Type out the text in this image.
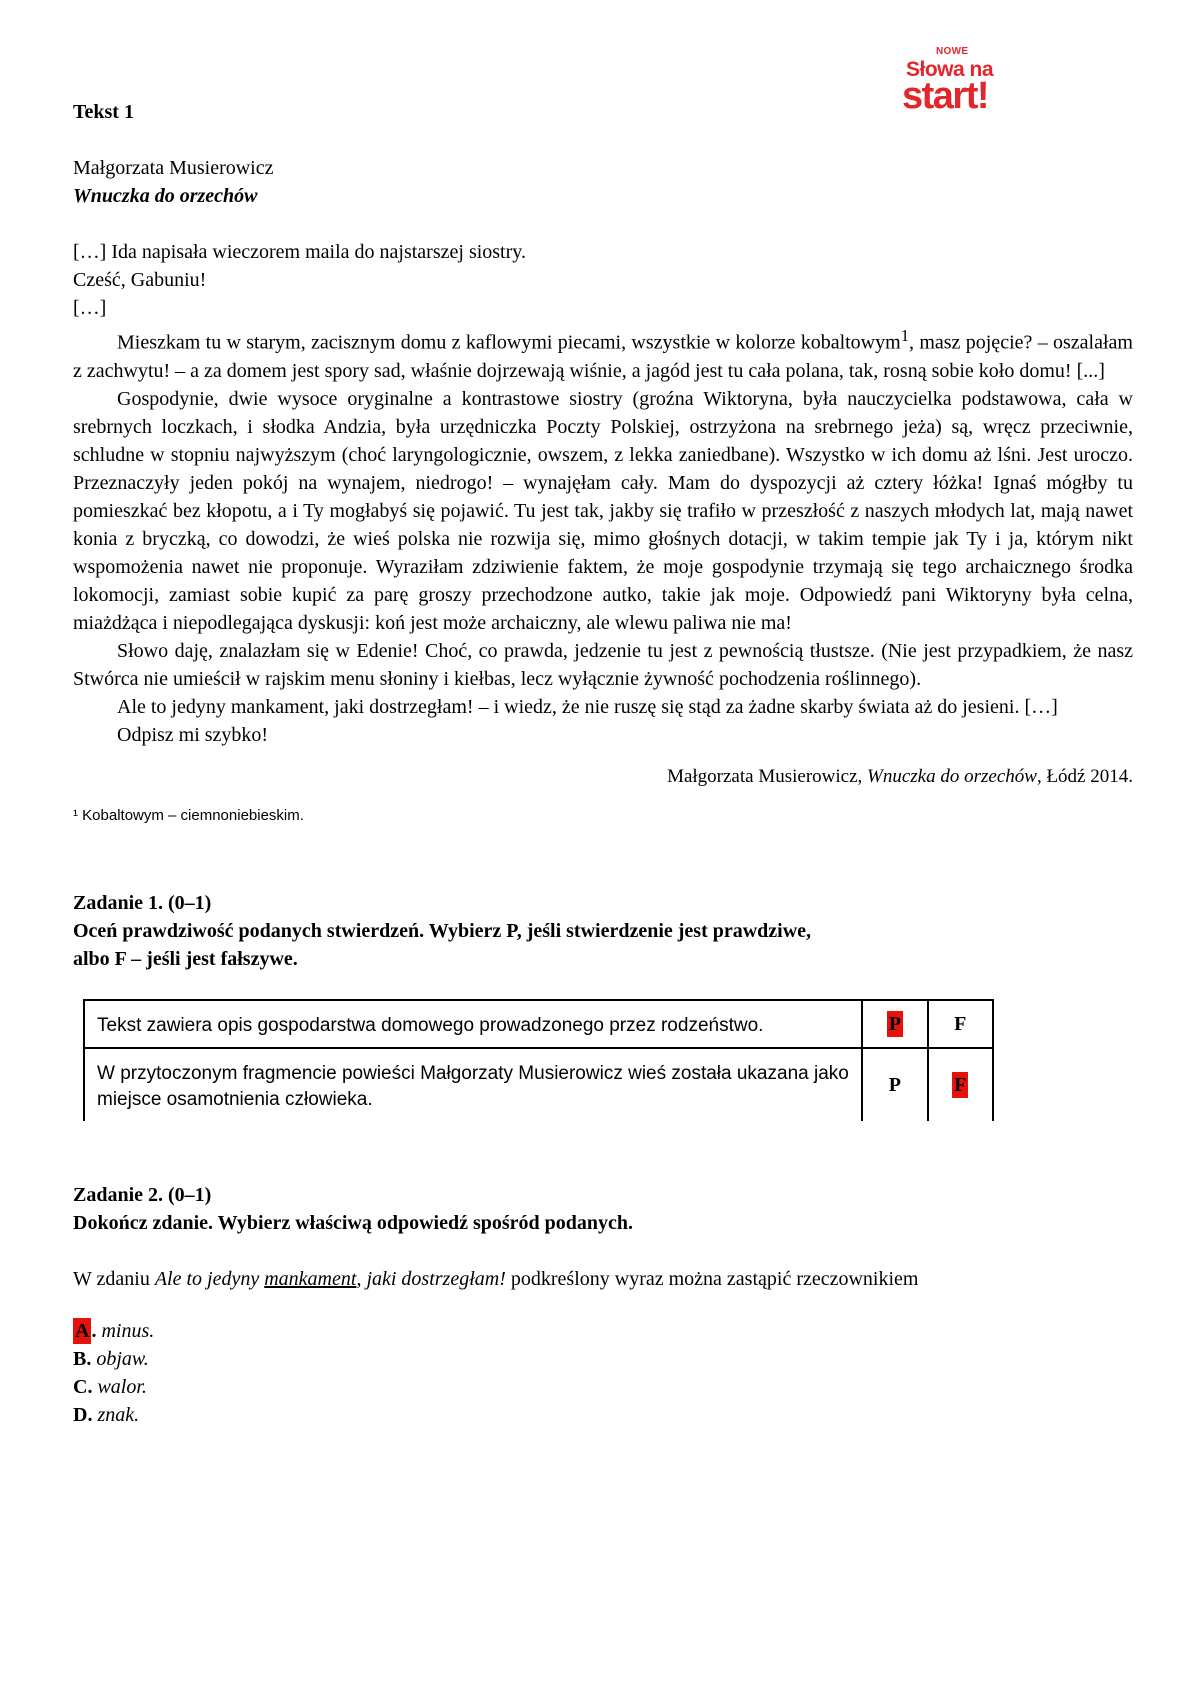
NOWE
Słowa na
start!

Tekst 1

Małgorzata Musierowicz

Wnuczka do orzechów

[…] Ida napisała wieczorem maila do najstarszej siostry.

Cześć, Gabuniu!

[…]

Mieszkam tu w starym, zacisznym domu z kaflowymi piecami, wszystkie w kolorze kobaltowym$^1$, masz pojęcie? – oszalałam z zachwytu! – a za domem jest spory sad, właśnie dojrzewają wiśnie, a jagód jest tu cała polana, tak, rosną sobie koło domu! [...]

Gospodynie, dwie wysoce oryginalne a kontrastowe siostry (groźna Wiktoryna, była nauczycielka podstawowa, cała w srebrnych loczkach, i słodka Andzia, była urzędniczka Poczty Polskiej, ostrzyżona na srebrnego jeża) są, wręcz przeciwnie, schludne w stopniu najwyższym (choć laryngologicznie, owszem, z lekka zaniedbane). Wszystko w ich domu aż lśni. Jest uroczo. Przeznaczyły jeden pokój na wynajem, niedrogo! – wynajęłam cały. Mam do dyspozycji aż cztery łóżka! Ignaś mógłby tu pomieszkać bez kłopotu, a i Ty mogłabyś się pojawić. Tu jest tak, jakby się trafiło w przeszłość z naszych młodych lat, mają nawet konia z bryczką, co dowodzi, że wieś polska nie rozwija się, mimo głośnych dotacji, w takim tempie jak Ty i ja, którym nikt wspomożenia nawet nie proponuje. Wyraziłam zdziwienie faktem, że moje gospodynie trzymają się tego archaicznego środka lokomocji, zamiast sobie kupić za parę groszy przechodzone autko, takie jak moje. Odpowiedź pani Wiktoryny była celna, miażdżąca i niepodlegająca dyskusji: koń jest może archaiczny, ale wlewu paliwa nie ma!

Słowo daję, znalazłam się w Edenie! Choć, co prawda, jedzenie tu jest z pewnością tłustsze. (Nie jest przypadkiem, że nasz Stwórca nie umieścił w rajskim menu słoniny i kiełbas, lecz wyłącznie żywność pochodzenia roślinnego).

Ale to jedyny mankament, jaki dostrzegłam! – i wiedz, że nie ruszę się stąd za żadne skarby świata aż do jesieni. […]

Odpisz mi szybko!

Małgorzata Musierowicz, Wnuczka do orzechów, Łódź 2014.

¹ Kobaltowym – ciemnoniebieskim.

Zadanie 1. (0–1)

Oceń prawdziwość podanych stwierdzeń. Wybierz P, jeśli stwierdzenie jest prawdziwe,

albo F – jeśli jest fałszywe.

Tekst zawiera opis gospodarstwa domowego prowadzonego przez rodzeństwo.	P	F
W przytoczonym fragmencie powieści Małgorzaty Musierowicz wieś została ukazana jako miejsce osamotnienia człowieka.	P	F

Zadanie 2. (0–1)

Dokończ zdanie. Wybierz właściwą odpowiedź spośród podanych.

W zdaniu Ale to jedyny mankament, jaki dostrzegłam! podkreślony wyraz można zastąpić rzeczownikiem

A . minus.

B. objaw.

C. walor.

D. znak.
